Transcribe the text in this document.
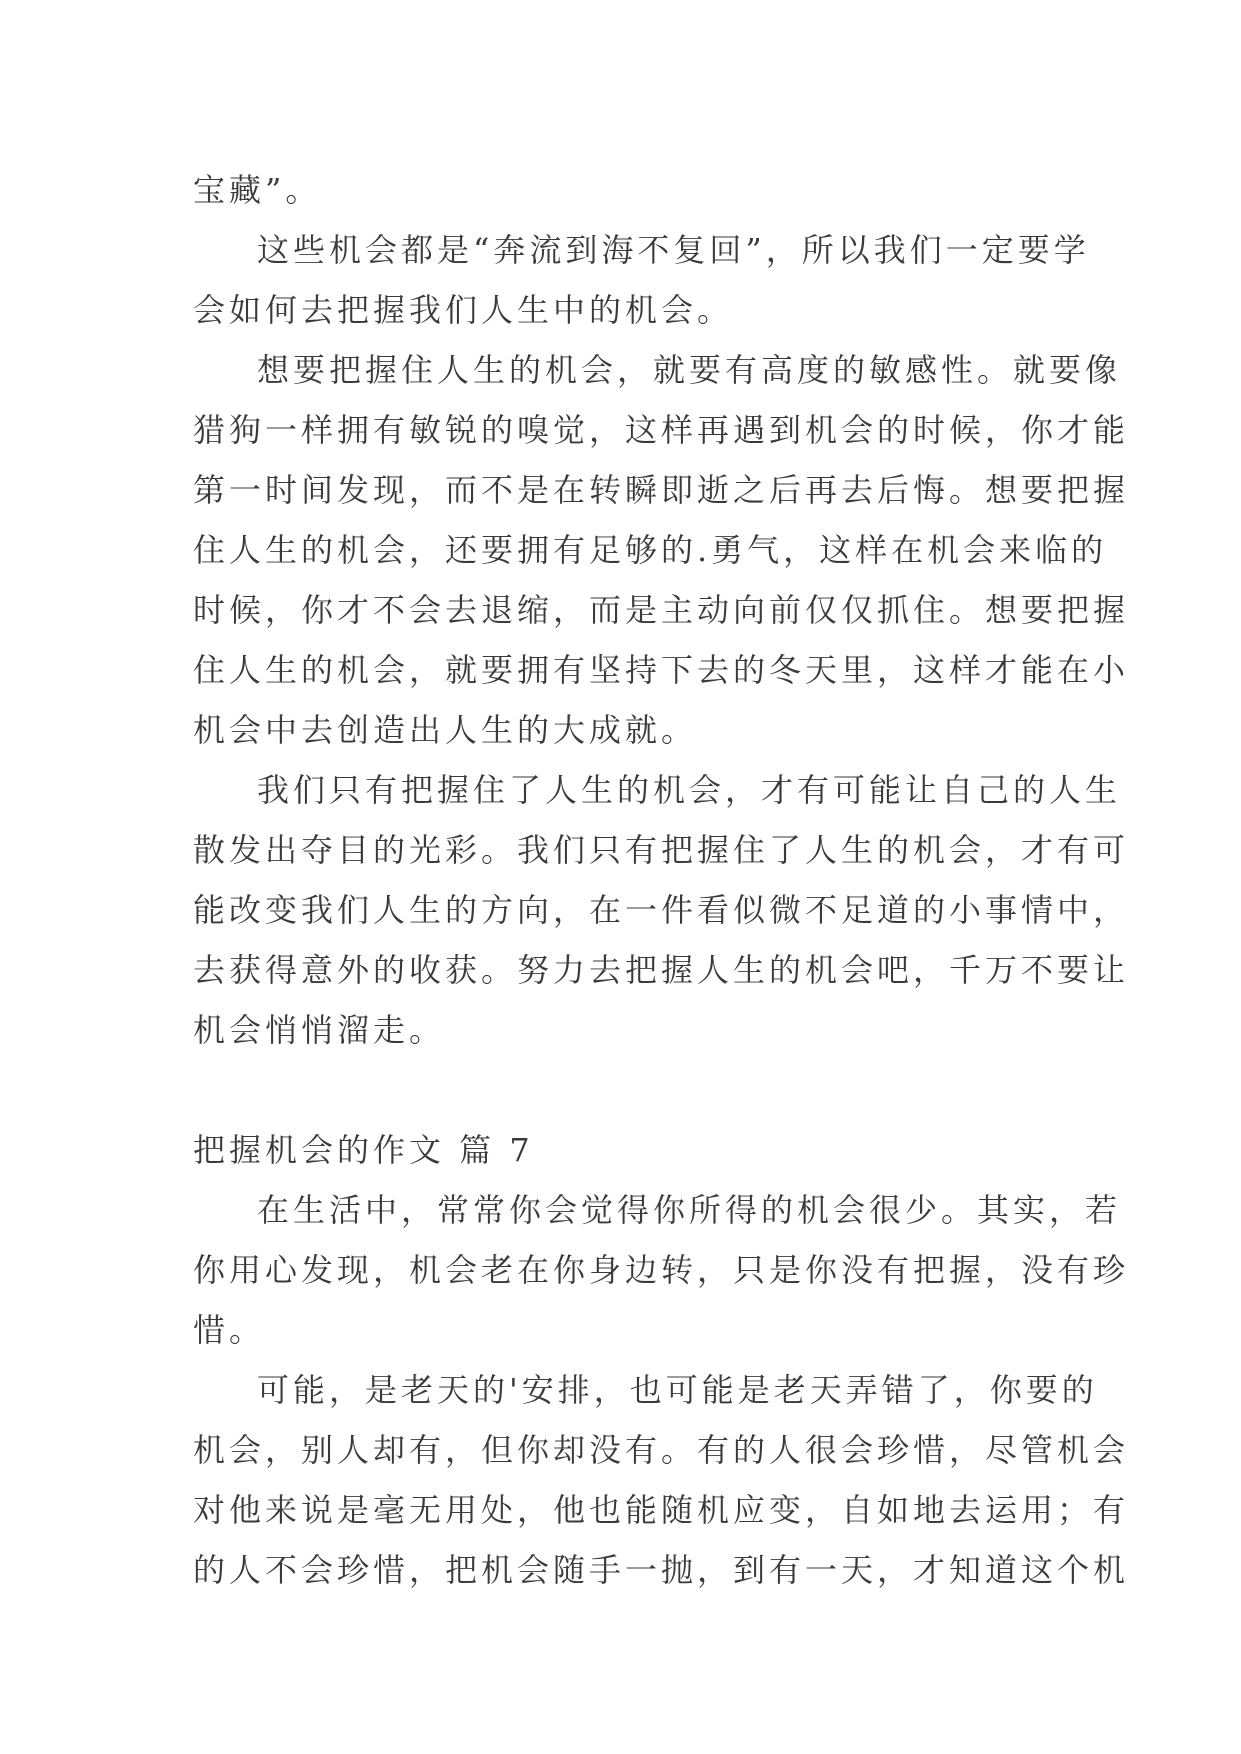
宝藏”。
这些机会都是“奔流到海不复回”，所以我们一定要学
会如何去把握我们人生中的机会。
想要把握住人生的机会，就要有高度的敏感性。就要像
猎狗一样拥有敏锐的嗅觉，这样再遇到机会的时候，你才能
第一时间发现，而不是在转瞬即逝之后再去后悔。想要把握
住人生的机会，还要拥有足够的.勇气，这样在机会来临的
时候，你才不会去退缩，而是主动向前仅仅抓住。想要把握
住人生的机会，就要拥有坚持下去的冬天里，这样才能在小
机会中去创造出人生的大成就。
我们只有把握住了人生的机会，才有可能让自己的人生
散发出夺目的光彩。我们只有把握住了人生的机会，才有可
能改变我们人生的方向，在一件看似微不足道的小事情中，
去获得意外的收获。努力去把握人生的机会吧，千万不要让
机会悄悄溜走。
把握机会的作文 篇 7
在生活中，常常你会觉得你所得的机会很少。其实，若
你用心发现，机会老在你身边转，只是你没有把握，没有珍
惜。
可能，是老天的'安排，也可能是老天弄错了，你要的
机会，别人却有，但你却没有。有的人很会珍惜，尽管机会
对他来说是毫无用处，他也能随机应变，自如地去运用；有
的人不会珍惜，把机会随手一抛，到有一天，才知道这个机
